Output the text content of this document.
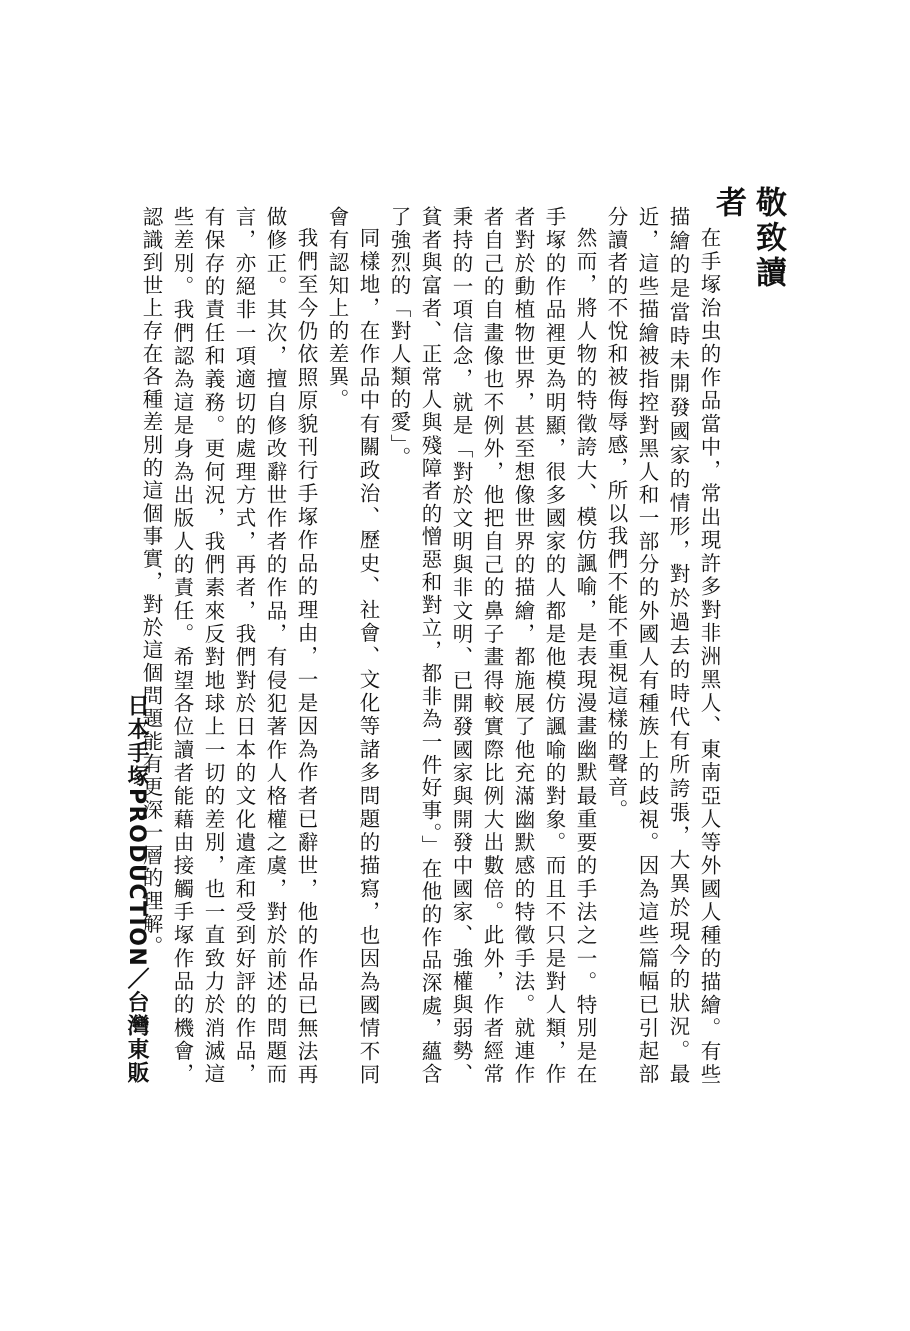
敬致讀者

在手塚治虫的作品當中，常出現許多對非洲黑人、東南亞人等外國人種的描繪。有些描繪的是當時未開發國家的情形，對於過去的時代有所誇張，大異於現今的狀況。最近，這些描繪被指控對黑人和一部分的外國人有種族上的歧視。因為這些篇幅已引起部分讀者的不悅和被侮辱感，所以我們不能不重視這樣的聲音。

然而，將人物的特徵誇大、模仿諷喻，是表現漫畫幽默最重要的手法之一。特別是在手塚的作品裡更為明顯，很多國家的人都是他模仿諷喻的對象。而且不只是對人類，作者對於動植物世界，甚至想像世界的描繪，都施展了他充滿幽默感的特徵手法。就連作者自己的自畫像也不例外，他把自己的鼻子畫得較實際比例大出數倍。此外，作者經常秉持的一項信念，就是「對於文明與非文明、已開發國家與開發中國家、強權與弱勢、貧者與富者、正常人與殘障者的憎惡和對立，都非為一件好事。」在他的作品深處，蘊含了強烈的「對人類的愛」。

同樣地，在作品中有關政治、歷史、社會、文化等諸多問題的描寫，也因為國情不同會有認知上的差異。

我們至今仍依照原貌刊行手塚作品的理由，一是因為作者已辭世，他的作品已無法再做修正。其次，擅自修改辭世作者的作品，有侵犯著作人格權之虞，對於前述的問題而言，亦絕非一項適切的處理方式，再者，我們對於日本的文化遺產和受到好評的作品，有保存的責任和義務。更何況，我們素來反對地球上一切的差別，也一直致力於消滅這些差別。我們認為這是身為出版人的責任。希望各位讀者能藉由接觸手塚作品的機會，認識到世上存在各種差別的這個事實，對於這個問題能有更深一層的理解。

日本手塚PRODUCTION／台灣東販
